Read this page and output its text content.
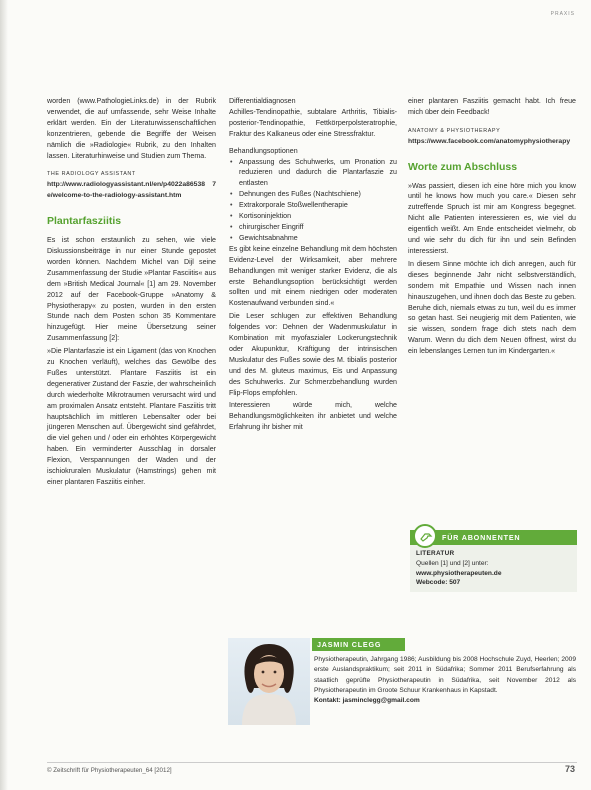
PRAXIS

worden (www.PathologieLinks.de) in der Rubrik verwendet, die auf umfassende, sehr Weise Inhalte erklärt werden. Ein der Literaturwissenschaftlichen konzentrieren, gebende die Begriffe der Weisen nämlich die »Radiologie« Rubrik, zu den Inhalten lassen. Literaturhinweise und Studien zum Thema.

THE RADIOLOGY ASSISTANT
http://www.radiologyassistant.nl/en/p4022a86538 7e/welcome-to-the-radiology-assistant.htm
Plantarfasziitis

Es ist schon erstaunlich zu sehen, wie viele Diskussionsbeiträge in nur einer Stunde gepostet worden können. Nachdem Michel van Dijl seine Zusammenfassung der Studie »Plantar Fasciitis« aus dem »British Medical Journal« [1] am 29. November 2012 auf der Facebook-Gruppe »Anatomy & Physiotherapy« zu posten, wurden in den ersten Stunde nach dem Posten schon 35 Kommentare hinzugefügt. Hier meine Übersetzung seiner Zusammenfassung [2]:

»Die Plantarfaszie ist ein Ligament (das von Knochen zu Knochen verläuft), welches das Gewölbe des Fußes unterstützt. Plantare Fasziitis ist ein degenerativer Zustand der Faszie, der wahrscheinlich durch wiederholte Mikrotraumen verursacht wird und am proximalen Ansatz entsteht. Plantare Fasziitis tritt hauptsächlich im mittleren Lebensalter oder bei jüngeren Menschen auf. Übergewicht sind gefährdet, die viel gehen und / oder ein erhöhtes Körpergewicht haben. Ein verminderter Ausschlag in dorsaler Flexion, Verspannungen der Waden und der ischiokruralen Muskulatur (Hamstrings) gehen mit einer plantaren Fasziitis einher.

Differentialdiagnosen

Achilles-Tendinopathie, subtalare Arthritis, Tibialis-posterior-Tendinopathie, Fettkörperpolsteratrophie, Fraktur des Kalkaneus oder eine Stressfraktur.

Behandlungsoptionen
• Anpassung des Schuhwerks, um Pronation zu reduzieren und dadurch die Plantarfaszie zu entlasten
• Dehnungen des Fußes (Nachtschiene)
• Extrakorporale Stoßwellentherapie
• Kortisoninjektion
• chirurgischer Eingriff
• Gewichtsabnahme

Es gibt keine einzelne Behandlung mit dem höchsten Evidenz-Level der Wirksamkeit, aber mehrere Behandlungen mit weniger starker Evidenz, die als erste Behandlungsoption berücksichtigt werden sollten und mit einem niedrigen oder moderaten Kostenaufwand verbunden sind.«

Die Leser schlugen zur effektiven Behandlung folgendes vor: Dehnen der Wadenmuskulatur in Kombination mit myofaszialer Lockerungstechnik oder Akupunktur, Kräftigung der intrinsischen Muskulatur des Fußes sowie des M. tibialis posterior und des M. gluteus maximus, Eis und Anpassung des Schuhwerks. Zur Schmerzbehandlung wurden Flip-Flops empfohlen.

Interessieren würde mich, welche Behandlungsmöglichkeiten ihr anbietet und welche Erfahrung ihr bisher mit

einer plantaren Fasziitis gemacht habt. Ich freue mich über dein Feedback!

ANATOMY & PHYSIOTHERAPY
https://www.facebook.com/anatomyphysiotherapy
Worte zum Abschluss

»Was passiert, diesen ich eine höre mich you know until he knows how much you care.« Diesen sehr zutreffende Spruch ist mir am Kongress begegnet. Nicht alle Patienten interessieren es, wie viel du eigentlich weißt. Am Ende entscheidet vielmehr, ob und wie sehr du dich für ihn und sein Befinden interessierst.

In diesem Sinne möchte ich dich anregen, auch für dieses beginnende Jahr nicht selbstverständlich, sondern mit Empathie und Wissen nach innen hinauszugehen, und ihnen doch das Beste zu geben. Beruhe dich, niemals etwas zu tun, weil du es immer so getan hast. Sei neugierig mit dem Patienten, wie sie wissen, sondern frage dich stets nach dem Warum. Wenn du dich dem Neuen öffnest, wirst du ein lebenslanges Lernen tun im Kindergarten.«

FÜR ABONNENTEN
LITERATUR
Quellen [1] und [2] unter:
www.physiotherapeuten.de
Webcode: 507
JASMIN CLEGG
Physiotherapeutin, Jahrgang 1986; Ausbildung bis 2008 Hochschule Zuyd, Heerlen; 2009 erste Auslandspraktikum; seit 2011 in Südafrika; Sommer 2011 Berufserfahrung als staatlich geprüfte Physiotherapeutin in Südafrika, seit November 2012 als Physiotherapeutin im Groote Schuur Krankenhaus in Kapstadt.
Kontakt: jasminclegg@gmail.com
© Zeitschrift für Physiotherapeuten_64 [2012]	73
